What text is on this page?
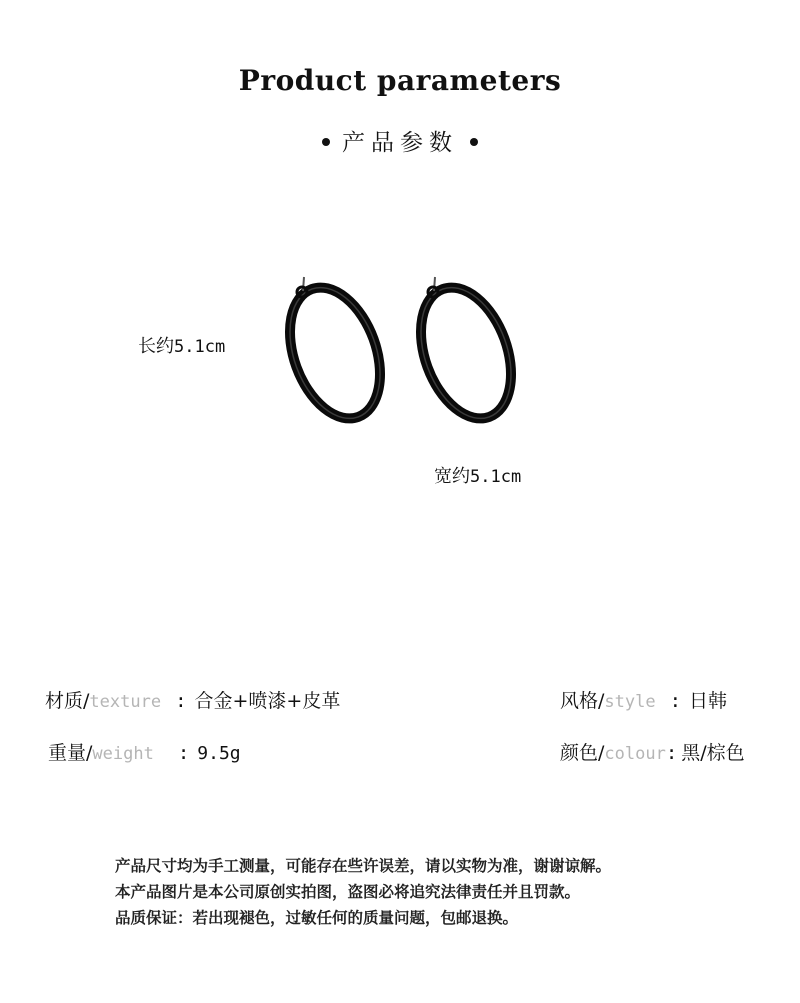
Product parameters
产品参数
长约5.1cm
宽约5.1cm
材质/texture : 合金+喷漆+皮革	风格/style : 日韩
重量/weight : 9.5g	颜色/colour: 黑/棕色
产品尺寸均为手工测量，可能存在些许误差，请以实物为准，谢谢谅解。
本产品图片是本公司原创实拍图，盗图必将追究法律责任并且罚款。
品质保证：若出现褪色，过敏任何的质量问题，包邮退换。
